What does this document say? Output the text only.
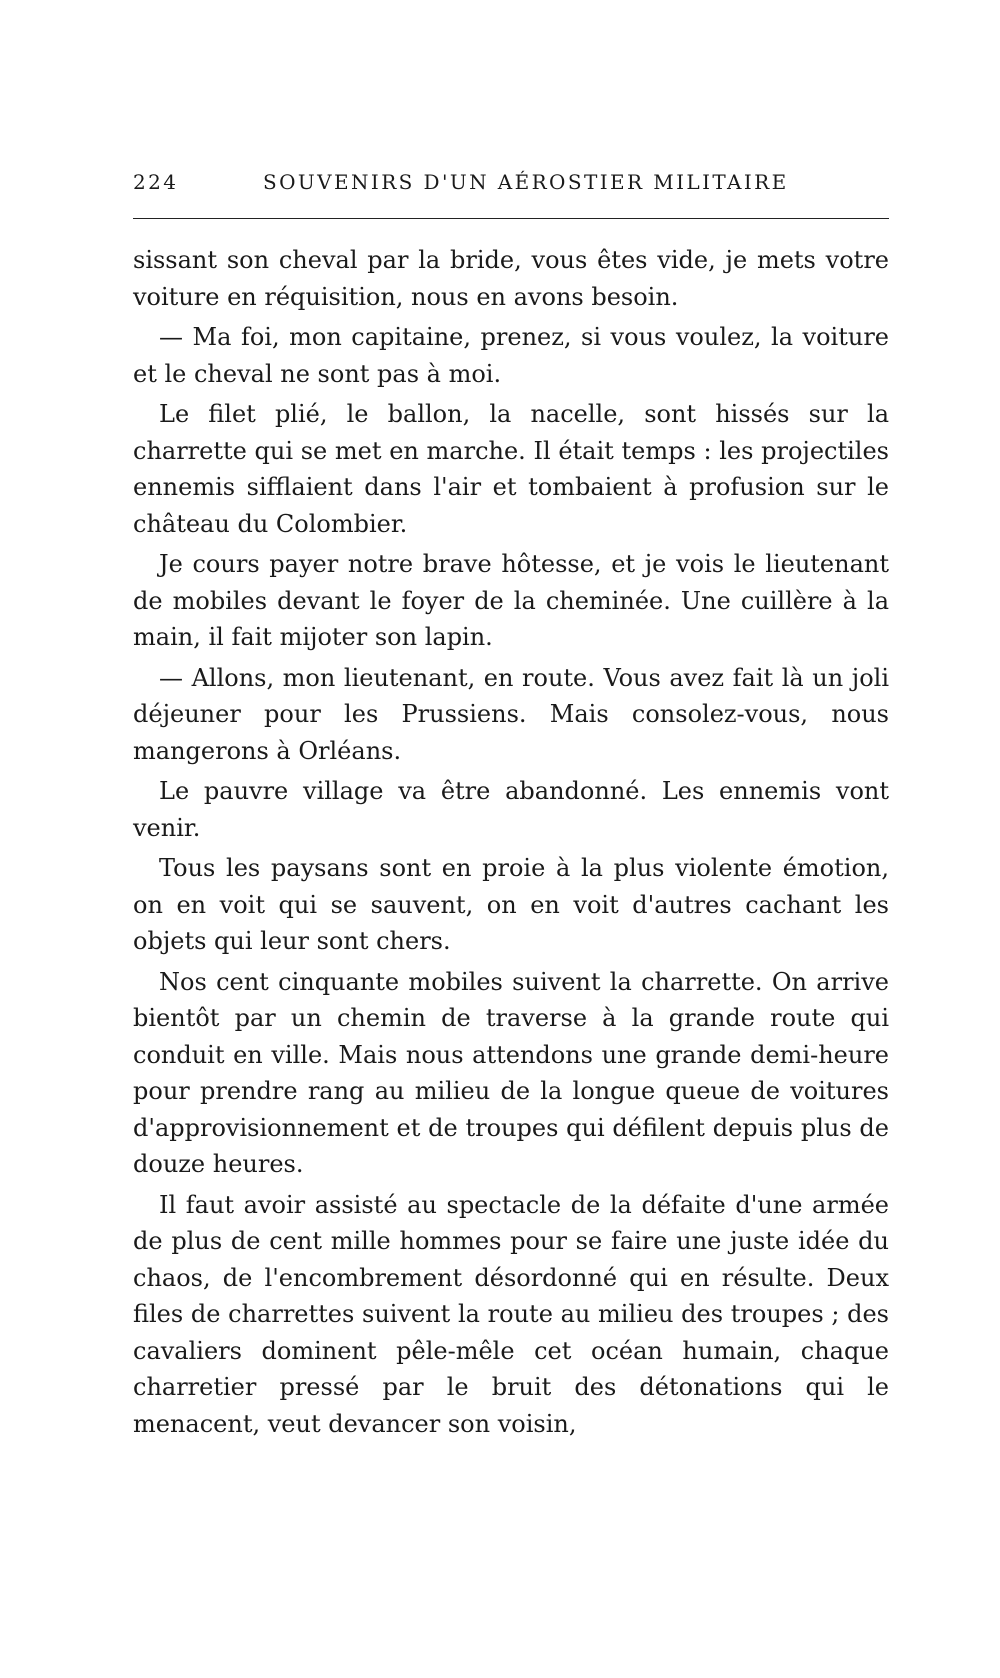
224	SOUVENIRS D'UN AÉROSTIER MILITAIRE

sissant son cheval par la bride, vous êtes vide, je mets votre voiture en réquisition, nous en avons besoin.

— Ma foi, mon capitaine, prenez, si vous voulez, la voiture et le cheval ne sont pas à moi.

Le filet plié, le ballon, la nacelle, sont hissés sur la charrette qui se met en marche. Il était temps : les projectiles ennemis sifflaient dans l'air et tombaient à profusion sur le château du Colombier.

Je cours payer notre brave hôtesse, et je vois le lieutenant de mobiles devant le foyer de la cheminée. Une cuillère à la main, il fait mijoter son lapin.

— Allons, mon lieutenant, en route. Vous avez fait là un joli déjeuner pour les Prussiens. Mais consolez-vous, nous mangerons à Orléans.

Le pauvre village va être abandonné. Les ennemis vont venir.

Tous les paysans sont en proie à la plus violente émotion, on en voit qui se sauvent, on en voit d'autres cachant les objets qui leur sont chers.

Nos cent cinquante mobiles suivent la charrette. On arrive bientôt par un chemin de traverse à la grande route qui conduit en ville. Mais nous attendons une grande demi-heure pour prendre rang au milieu de la longue queue de voitures d'approvisionnement et de troupes qui défilent depuis plus de douze heures.

Il faut avoir assisté au spectacle de la défaite d'une armée de plus de cent mille hommes pour se faire une juste idée du chaos, de l'encombrement désordonné qui en résulte. Deux files de charrettes suivent la route au milieu des troupes ; des cavaliers dominent pêle-mêle cet océan humain, chaque charretier pressé par le bruit des détonations qui le menacent, veut devancer son voisin,
